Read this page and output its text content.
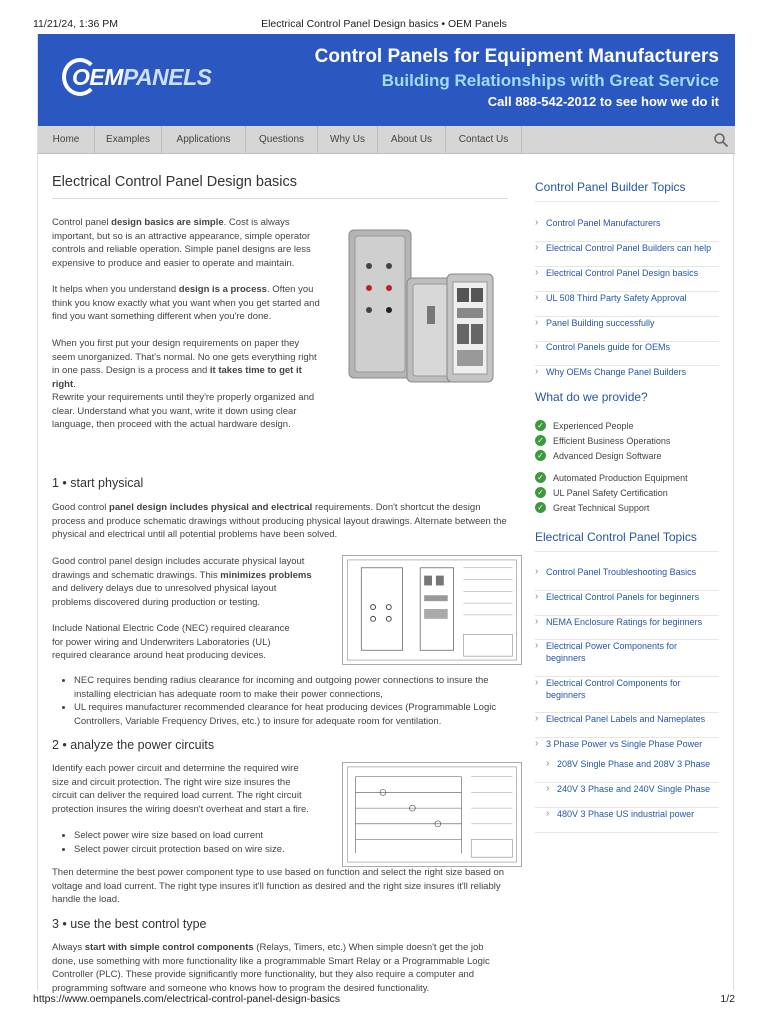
11/21/24, 1:36 PM	Electrical Control Panel Design basics • OEM Panels
OEMPANELS
Control Panels for Equipment Manufacturers
Building Relationships with Great Service
Call 888-542-2012 to see how we do it
Home	Examples	Applications	Questions	Why Us	About Us	Contact Us
Electrical Control Panel Design basics

Control panel design basics are simple. Cost is always important, but so is an attractive appearance, simple operator controls and reliable operation. Simple panel designs are less expensive to produce and easier to operate and maintain.

It helps when you understand design is a process. Often you think you know exactly what you want when you get started and find you want something different when you're done.

When you first put your design requirements on paper they seem unorganized. That's normal. No one gets everything right in one pass. Design is a process and it takes time to get it right.

Rewrite your requirements until they're properly organized and clear. Understand what you want, write it down using clear language, then proceed with the actual hardware design.

1 • start physical

Good control panel design includes physical and electrical requirements. Don't shortcut the design process and produce schematic drawings without producing physical layout drawings. Alternate between the physical and electrical until all potential problems have been solved.

Good control panel design includes accurate physical layout drawings and schematic drawings. This minimizes problems and delivery delays due to unresolved physical layout problems discovered during production or testing.

Include National Electric Code (NEC) required clearance for power wiring and Underwriters Laboratories (UL) required clearance around heat producing devices.

• NEC requires bending radius clearance for incoming and outgoing power connections to insure the installing electrician has adequate room to make their power connections,
• UL requires manufacturer recommended clearance for heat producing devices (Programmable Logic Controllers, Variable Frequency Drives, etc.) to insure for adequate room for ventilation.
2 • analyze the power circuits

Identify each power circuit and determine the required wire size and circuit protection. The right wire size insures the circuit can deliver the required load current. The right circuit protection insures the wiring doesn't overheat and start a fire.

• Select power wire size based on load current
• Select power circuit protection based on wire size.

Then determine the best power component type to use based on function and select the right size based on voltage and load current. The right type insures it'll function as desired and the right size insures it'll reliably handle the load.

3 • use the best control type

Always start with simple control components (Relays, Timers, etc.) When simple doesn't get the job done, use something with more functionality like a programmable Smart Relay or a Programmable Logic Controller (PLC). These provide significantly more functionality, but they also require a computer and programming software and someone who knows how to program the desired functionality.

Control Panel Builder Topics
› Control Panel Manufacturers
› Electrical Control Panel Builders can help
› Electrical Control Panel Design basics
› UL 508 Third Party Safety Approval
› Panel Building successfully
› Control Panels guide for OEMs
› Why OEMs Change Panel Builders
What do we provide?
✓ Experienced People
✓ Efficient Business Operations
✓ Advanced Design Software
✓ Automated Production Equipment
✓ UL Panel Safety Certification
✓ Great Technical Support
Electrical Control Panel Topics
› Control Panel Troubleshooting Basics
› Electrical Control Panels for beginners
› NEMA Enclosure Ratings for beginners
› Electrical Power Components for beginners
› Electrical Control Components for beginners
› Electrical Panel Labels and Nameplates
› 3 Phase Power vs Single Phase Power
› 208V Single Phase and 208V 3 Phase
› 240V 3 Phase and 240V Single Phase
› 480V 3 Phase US industrial power
https://www.oempanels.com/electrical-control-panel-design-basics	1/2
